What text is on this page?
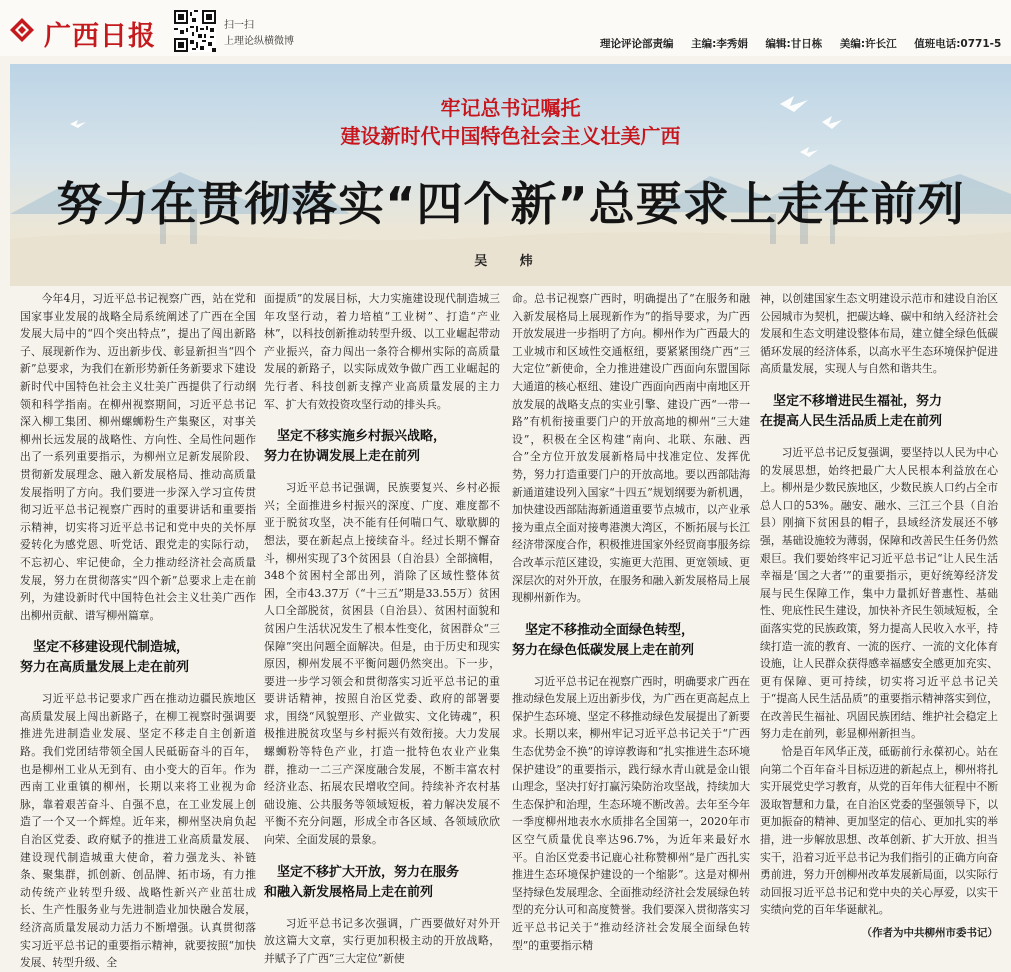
广西日报	扫一扫
上理论纵横微博	理论评论部责编 主编:李秀娟 编辑:甘日栋 美编:许长江 值班电话:0771-5
牢记总书记嘱托
建设新时代中国特色社会主义壮美广西
努力在贯彻落实“四个新”总要求上走在前列
吴 炜

今年4月，习近平总书记视察广西，站在党和国家事业发展的战略全局系统阐述了广西在全国发展大局中的“四个突出特点”，提出了闯出新路子、展现新作为、迈出新步伐、彰显新担当“四个新”总要求，为我们在新形势新任务新要求下建设新时代中国特色社会主义壮美广西提供了行动纲领和科学指南。在柳州视察期间，习近平总书记深入柳工集团、柳州螺蛳粉生产集聚区，对事关柳州长远发展的战略性、方向性、全局性问题作出了一系列重要指示，为柳州立足新发展阶段、贯彻新发展理念、融入新发展格局、推动高质量发展指明了方向。我们要进一步深入学习宣传贯彻习近平总书记视察广西时的重要讲话和重要指示精神，切实将习近平总书记和党中央的关怀厚爱转化为感党恩、听党话、跟党走的实际行动，不忘初心、牢记使命，全力推动经济社会高质量发展，努力在贯彻落实“四个新”总要求上走在前列，为建设新时代中国特色社会主义壮美广西作出柳州贡献、谱写柳州篇章。

坚定不移建设现代制造城，
努力在高质量发展上走在前列

习近平总书记要求广西在推动边疆民族地区高质量发展上闯出新路子，在柳工视察时强调要推进先进制造业发展、坚定不移走自主创新道路。我们党团结带领全国人民砥砺奋斗的百年，也是柳州工业从无到有、由小变大的百年。作为西南工业重镇的柳州，长期以来将工业视为命脉，靠着艰苦奋斗、自强不息，在工业发展上创造了一个又一个辉煌。近年来，柳州坚决肩负起自治区党委、政府赋予的推进工业高质量发展、建设现代制造城重大使命，着力强龙头、补链条、聚集群，抓创新、创品牌、拓市场，有力推动传统产业转型升级、战略性新兴产业茁壮成长、生产性服务业与先进制造业加快融合发展，经济高质量发展动力活力不断增强。认真贯彻落实习近平总书记的重要指示精神，就要按照“加快发展、转型升级、全

面提质”的发展目标，大力实施建设现代制造城三年攻坚行动，着力培植“工业树”、打造“产业林”，以科技创新推动转型升级、以工业崛起带动产业振兴，奋力闯出一条符合柳州实际的高质量发展的新路子，以实际成效争做广西工业崛起的先行者、科技创新支撑产业高质量发展的主力军、扩大有效投资攻坚行动的排头兵。

坚定不移实施乡村振兴战略，
努力在协调发展上走在前列

习近平总书记强调，民族要复兴、乡村必振兴；全面推进乡村振兴的深度、广度、难度都不亚于脱贫攻坚，决不能有任何喘口气、歇歇脚的想法，要在新起点上接续奋斗。经过长期不懈奋斗，柳州实现了3个贫困县（自治县）全部摘帽，348个贫困村全部出列，消除了区域性整体贫困，全市43.37万（“十三五”期是33.55万）贫困人口全部脱贫，贫困县（自治县）、贫困村面貌和贫困户生活状况发生了根本性变化，贫困群众“三保障”突出问题全面解决。但是，由于历史和现实原因，柳州发展不平衡问题仍然突出。下一步，要进一步学习领会和贯彻落实习近平总书记的重要讲话精神，按照自治区党委、政府的部署要求，围绕“风貌塑形、产业做实、文化铸魂”，积极推进脱贫攻坚与乡村振兴有效衔接。大力发展螺蛳粉等特色产业，打造一批特色农业产业集群，推动一二三产深度融合发展，不断丰富农村经济业态、拓展农民增收空间。持续补齐农村基础设施、公共服务等领域短板，着力解决发展不平衡不充分问题，形成全市各区域、各领域欣欣向荣、全面发展的景象。

坚定不移扩大开放，努力在服务
和融入新发展格局上走在前列

习近平总书记多次强调，广西要做好对外开放这篇大文章，实行更加积极主动的开放战略，并赋予了广西“三大定位”新使

命。总书记视察广西时，明确提出了“在服务和融入新发展格局上展现新作为”的指导要求，为广西开放发展进一步指明了方向。柳州作为广西最大的工业城市和区域性交通枢纽，要紧紧围绕广西“三大定位”新使命，全力推进建设广西面向东盟国际大通道的核心枢纽、建设广西面向西南中南地区开放发展的战略支点的实业引擎、建设广西“一带一路”有机衔接重要门户的开放高地的柳州“三大建设”，积极在全区构建“南向、北联、东融、西合”全方位开放发展新格局中找准定位、发挥优势，努力打造重要门户的开放高地。要以西部陆海新通道建设列入国家“十四五”规划纲要为新机遇，加快建设西部陆海新通道重要节点城市，以产业承接为重点全面对接粤港澳大湾区，不断拓展与长江经济带深度合作，积极推进国家外经贸商事服务综合改革示范区建设，实施更大范围、更宽领域、更深层次的对外开放，在服务和融入新发展格局上展现柳州新作为。

坚定不移推动全面绿色转型，
努力在绿色低碳发展上走在前列

习近平总书记在视察广西时，明确要求广西在推动绿色发展上迈出新步伐，为广西在更高起点上保护生态环境、坚定不移推动绿色发展提出了新要求。长期以来，柳州牢记习近平总书记关于“广西生态优势金不换”的谆谆教诲和“扎实推进生态环境保护建设”的重要指示，践行绿水青山就是金山银山理念，坚决打好打赢污染防治攻坚战，持续加大生态保护和治理，生态环境不断改善。去年至今年一季度柳州地表水水质排名全国第一，2020年市区空气质量优良率达96.7%，为近年来最好水平。自治区党委书记鹿心社称赞柳州“是广西扎实推进生态环境保护建设的一个缩影”。这是对柳州坚持绿色发展理念、全面推动经济社会发展绿色转型的充分认可和高度赞誉。我们要深入贯彻落实习近平总书记关于“推动经济社会发展全面绿色转型”的重要指示精

神，以创建国家生态文明建设示范市和建设自治区公园城市为契机，把碳达峰、碳中和纳入经济社会发展和生态文明建设整体布局，建立健全绿色低碳循环发展的经济体系，以高水平生态环境保护促进高质量发展，实现人与自然和谐共生。

坚定不移增进民生福祉，努力
在提高人民生活品质上走在前列

习近平总书记反复强调，要坚持以人民为中心的发展思想，始终把最广大人民根本利益放在心上。柳州是少数民族地区，少数民族人口约占全市总人口的53%。融安、融水、三江三个县（自治县）刚摘下贫困县的帽子，县域经济发展还不够强，基础设施较为薄弱，保障和改善民生任务仍然艰巨。我们要始终牢记习近平总书记“让人民生活幸福是‘国之大者’”的重要指示，更好统筹经济发展与民生保障工作，集中力量抓好普惠性、基础性、兜底性民生建设，加快补齐民生领域短板，全面落实党的民族政策，努力提高人民收入水平，持续打造一流的教育、一流的医疗、一流的文化体育设施，让人民群众获得感幸福感安全感更加充实、更有保障、更可持续，切实将习近平总书记关于“提高人民生活品质”的重要指示精神落实到位，在改善民生福祉、巩固民族团结、维护社会稳定上努力走在前列，彰显柳州新担当。

恰是百年风华正茂，砥砺前行永葆初心。站在向第二个百年奋斗目标迈进的新起点上，柳州将扎实开展党史学习教育，从党的百年伟大征程中不断汲取智慧和力量，在自治区党委的坚强领导下，以更加振奋的精神、更加坚定的信心、更加扎实的举措，进一步解放思想、改革创新、扩大开放、担当实干，沿着习近平总书记为我们指引的正确方向奋勇前进，努力开创柳州改革发展新局面，以实际行动回报习近平总书记和党中央的关心厚爱，以实干实绩向党的百年华诞献礼。

（作者为中共柳州市委书记）
